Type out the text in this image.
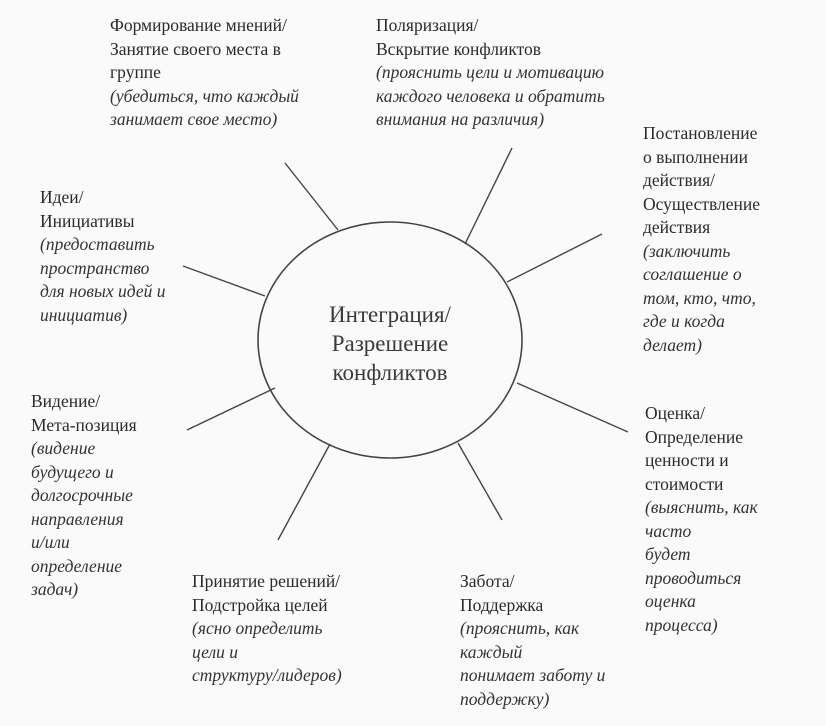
Интеграция/
Разрешение
конфликтов
Формирование мнений/
Занятие своего места в
группе
(убедиться, что каждый
занимает свое место)
Поляризация/
Вскрытие конфликтов
(прояснить цели и мотивацию
каждого человека и обратить
внимания на различия)
Постановление
о выполнении
действия/
Осуществление
действия
(заключить
соглашение о
том, кто, что,
где и когда
делает)
Оценка/
Определение
ценности и
стоимости
(выяснить, как
часто
будет
проводиться
оценка
процесса)
Забота/
Поддержка
(прояснить, как
каждый
понимает заботу и
поддержку)
Принятие решений/
Подстройка целей
(ясно определить
цели и
структуру/лидеров)
Видение/
Мета-позиция
(видение
будущего и
долгосрочные
направления
и/или
определение
задач)
Идеи/
Инициативы
(предоставить
пространство
для новых идей и
инициатив)
